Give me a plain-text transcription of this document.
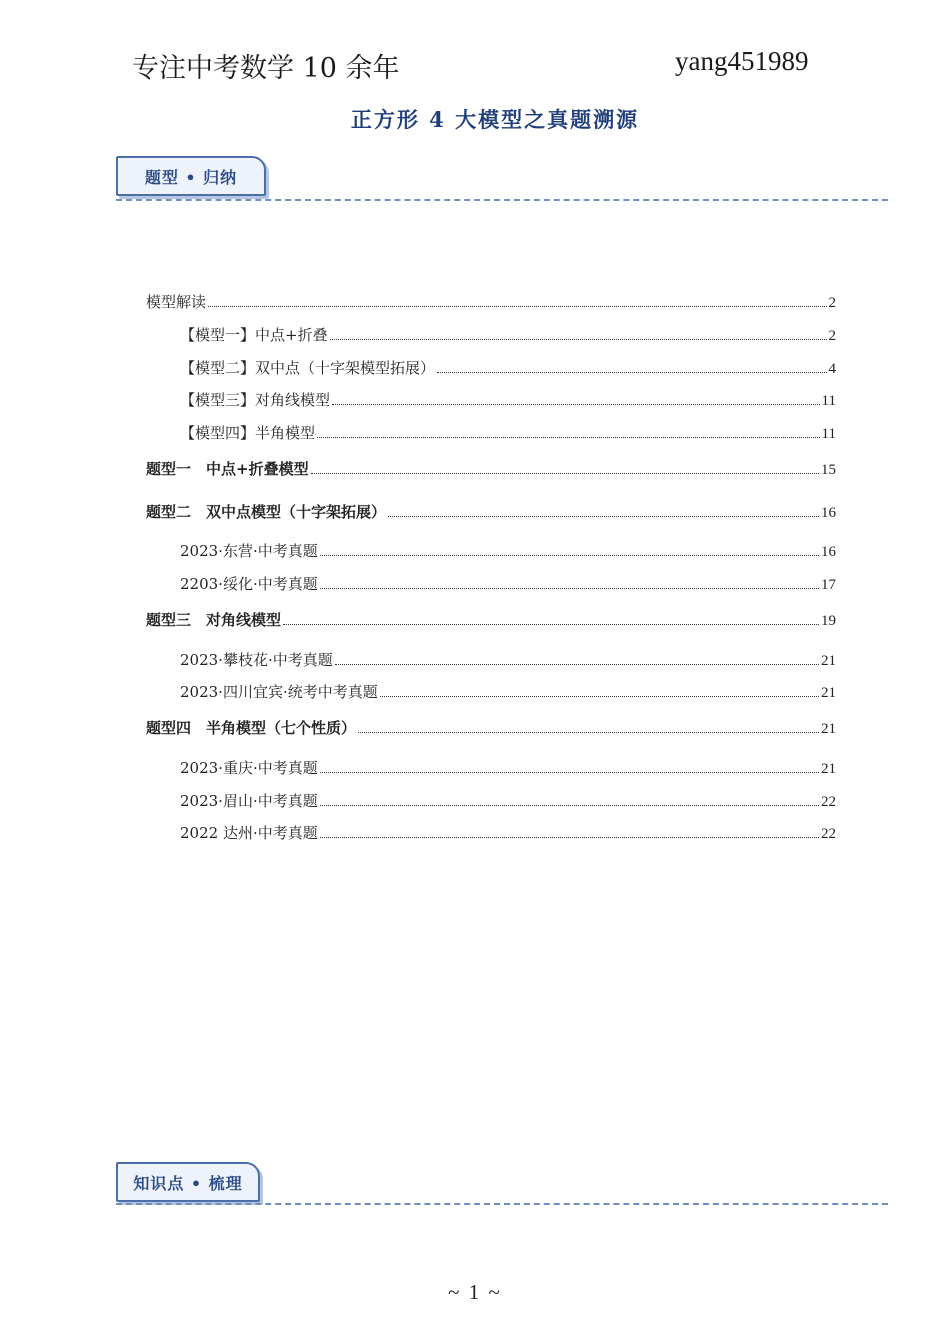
专注中考数学 10 余年	yang451989
正方形 4 大模型之真题溯源
题型 • 归纳
模型解读	2
【模型一】中点+折叠	2
【模型二】双中点（十字架模型拓展）	4
【模型三】对角线模型	11
【模型四】半角模型	11
题型一　中点+折叠模型	15
题型二　双中点模型（十字架拓展）	16
2023·东营·中考真题	16
2203·绥化·中考真题	17
题型三　对角线模型	19
2023·攀枝花·中考真题	21
2023·四川宜宾·统考中考真题	21
题型四　半角模型（七个性质）	21
2023·重庆·中考真题	21
2023·眉山·中考真题	22
2022 达州·中考真题	22
知识点 • 梳理
~ 1 ~
